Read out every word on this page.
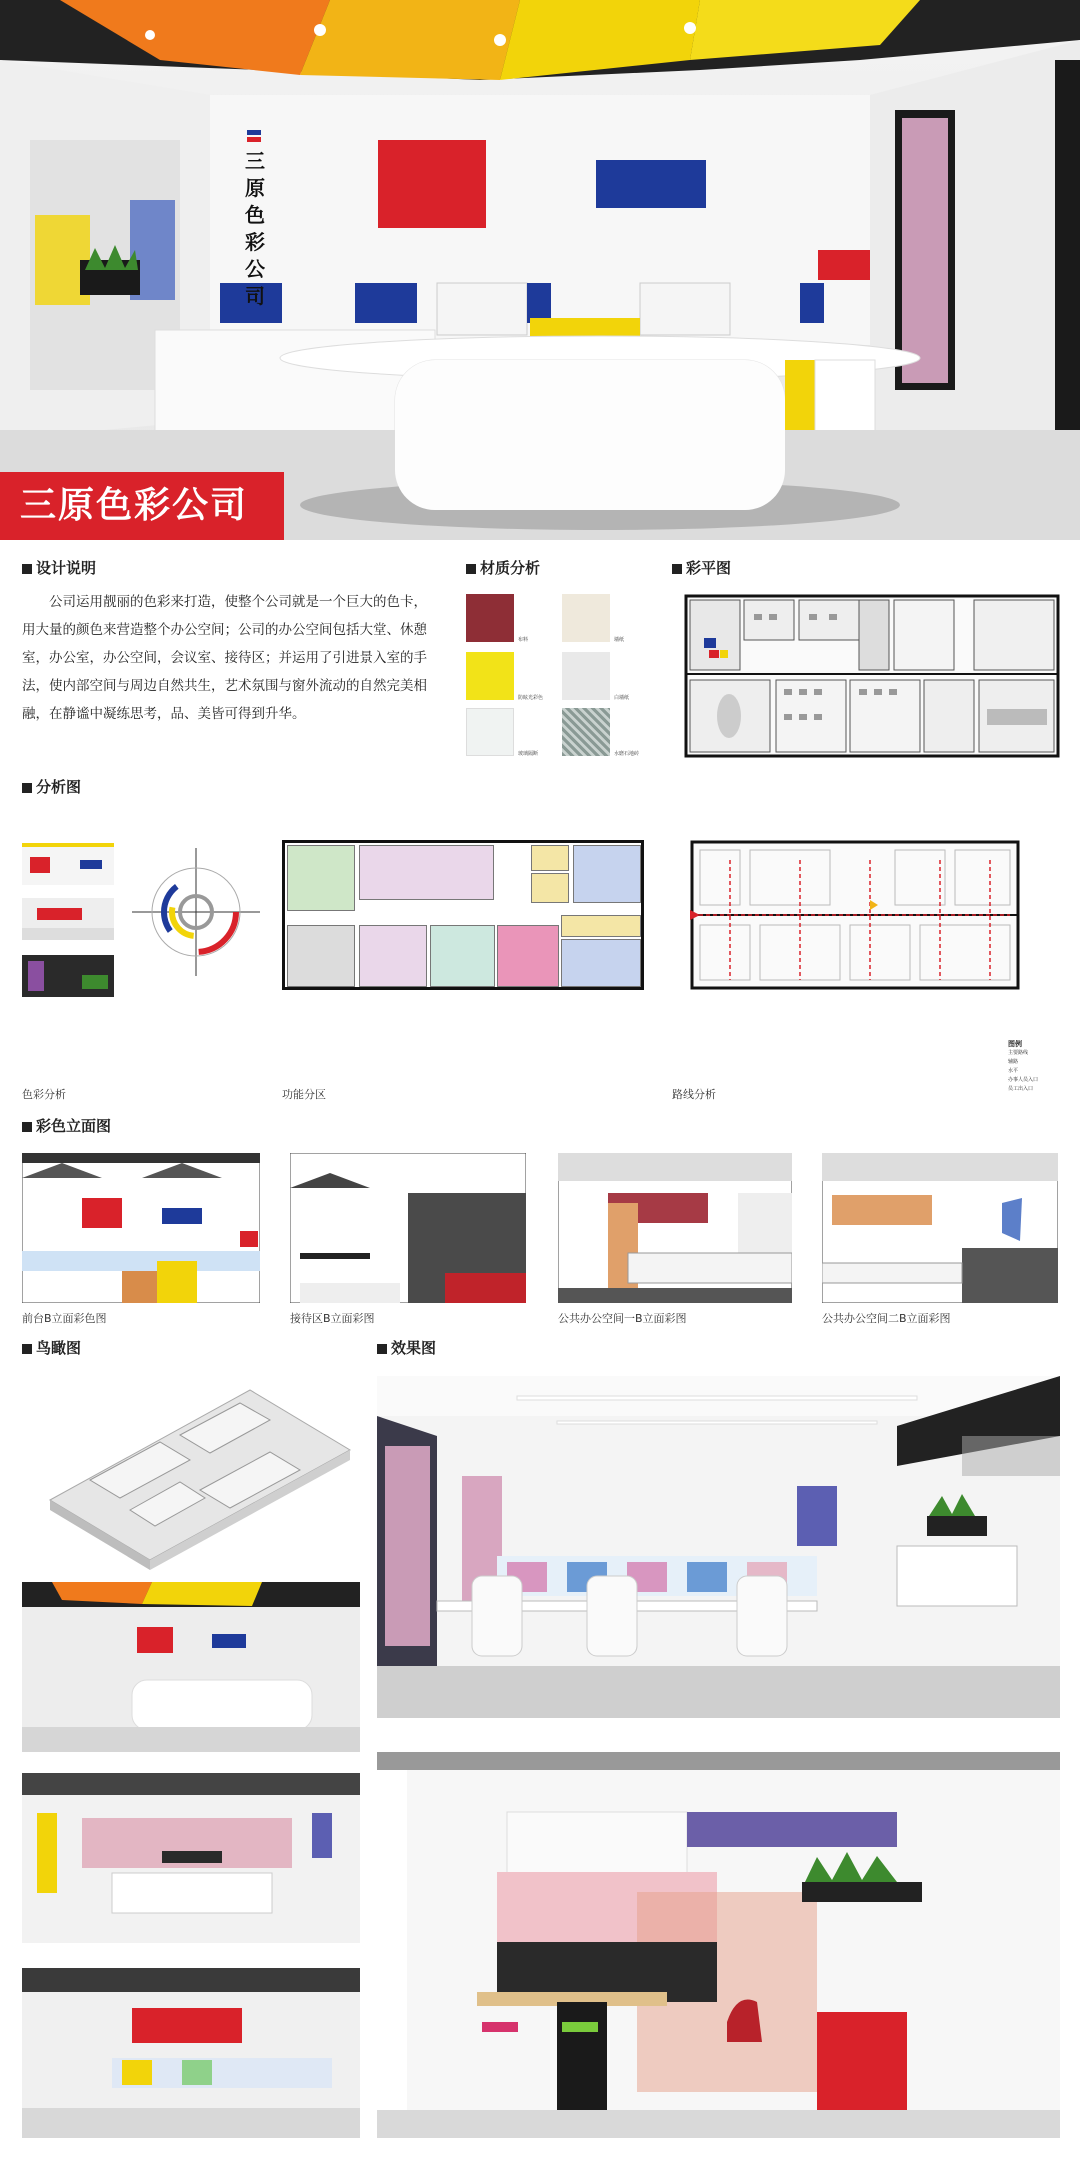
三
原
色
彩
公
司
三原色彩公司
设计说明
公司运用靓丽的色彩来打造，使整个公司就是一个巨大的色卡，用大量的颜色来营造整个办公空间；公司的办公空间包括大堂、休憩室，办公室，办公空间，会议室、接待区；并运用了引进景入室的手法，使内部空间与周边自然共生，艺术氛围与窗外流动的自然完美相融，在静谧中凝练思考，品、美皆可得到升华。
材质分析
布料	墙纸
防眩光彩色	白墙纸
玻璃隔断	水磨石地砖
彩平图
分析图
图例
主要路线
辅路
水平
办事人员入口
员工出入口
色彩分析	功能分区	路线分析
彩色立面图
前台B立面彩色图	接待区B立面彩图	公共办公空间一B立面彩图	公共办公空间二B立面彩图
鸟瞰图	效果图
